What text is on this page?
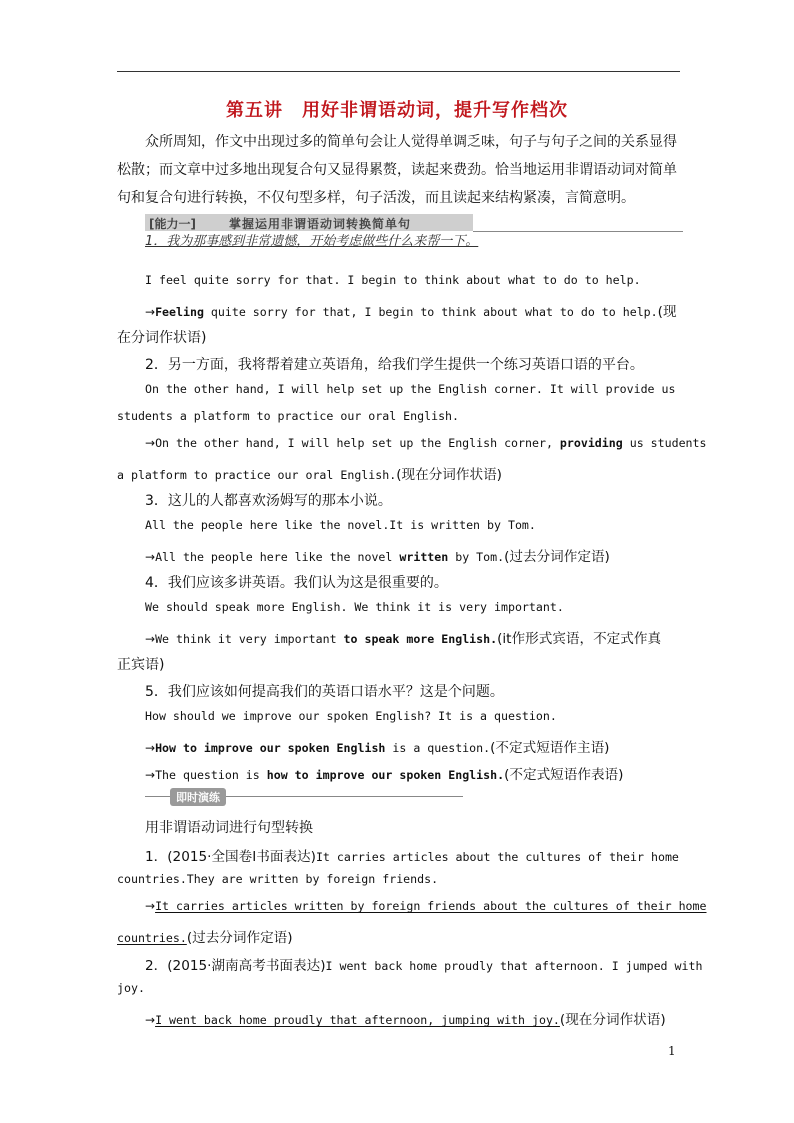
第五讲　用好非谓语动词，提升写作档次
众所周知，作文中出现过多的简单句会让人觉得单调乏味，句子与句子之间的关系显得
松散；而文章中过多地出现复合句又显得累赘，读起来费劲。恰当地运用非谓语动词对简单
句和复合句进行转换，不仅句型多样，句子活泼，而且读起来结构紧凑，言简意明。
[能力一]	掌握运用非谓语动词转换简单句
1．我为那事感到非常遗憾，开始考虑做些什么来帮一下。
I feel quite sorry for that. I begin to think about what to do to help.
→Feeling quite sorry for that, I begin to think about what to do to help.(现
在分词作状语)
2．另一方面，我将帮着建立英语角，给我们学生提供一个练习英语口语的平台。
On the other hand, I will help set up the English corner. It will provide us
students a platform to practice our oral English.
→On the other hand, I will help set up the English corner, providing us students
a platform to practice our oral English.(现在分词作状语)
3．这儿的人都喜欢汤姆写的那本小说。
All the people here like the novel.It is written by Tom.
→All the people here like the novel written by Tom.(过去分词作定语)
4．我们应该多讲英语。我们认为这是很重要的。
We should speak more English. We think it is very important.
→We think it very important to speak more English.(it作形式宾语，不定式作真
正宾语)
5．我们应该如何提高我们的英语口语水平？这是个问题。
How should we improve our spoken English? It is a question.
→How to improve our spoken English is a question.(不定式短语作主语)
→The question is how to improve our spoken English.(不定式短语作表语)
即时演练
用非谓语动词进行句型转换
1．(2015·全国卷Ⅰ书面表达)It carries articles about the cultures of their home
countries.They are written by foreign friends.
→It carries articles written by foreign friends about the cultures of their home
countries.(过去分词作定语)
2．(2015·湖南高考书面表达)I went back home proudly that afternoon. I jumped with
joy.
→I went back home proudly that afternoon, jumping with joy.(现在分词作状语)
1
